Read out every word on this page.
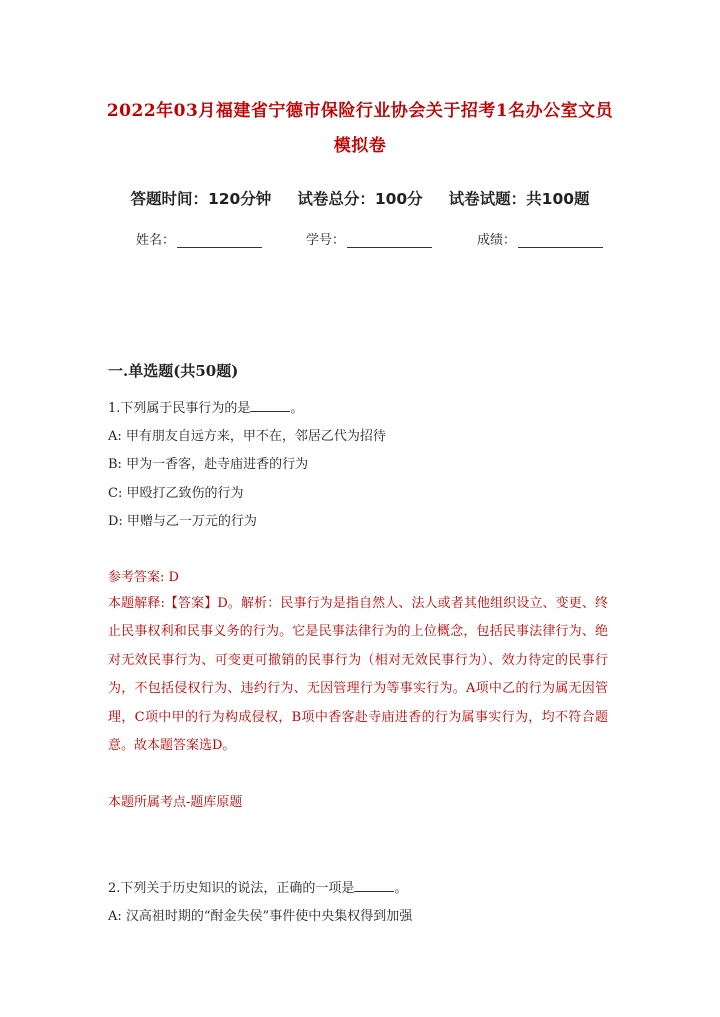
2022年03月福建省宁德市保险行业协会关于招考1名办公室文员
模拟卷
答题时间：120分钟 试卷总分：100分 试卷试题：共100题
姓名：	学号：	成绩：
一.单选题(共50题)
1.下列属于民事行为的是	。
A: 甲有朋友自远方来，甲不在，邻居乙代为招待
B: 甲为一香客，赴寺庙进香的行为
C: 甲殴打乙致伤的行为
D: 甲赠与乙一万元的行为
参考答案: D
本题解释:【答案】D。解析：民事行为是指自然人、法人或者其他组织设立、变更、终止民事权利和民事义务的行为。它是民事法律行为的上位概念，包括民事法律行为、绝对无效民事行为、可变更可撤销的民事行为（相对无效民事行为）、效力待定的民事行为，不包括侵权行为、违约行为、无因管理行为等事实行为。A项中乙的行为属无因管理，C项中甲的行为构成侵权，B项中香客赴寺庙进香的行为属事实行为，均不符合题意。故本题答案选D。
本题所属考点-题库原题
2.下列关于历史知识的说法，正确的一项是	。
A: 汉高祖时期的“酎金失侯”事件使中央集权得到加强
